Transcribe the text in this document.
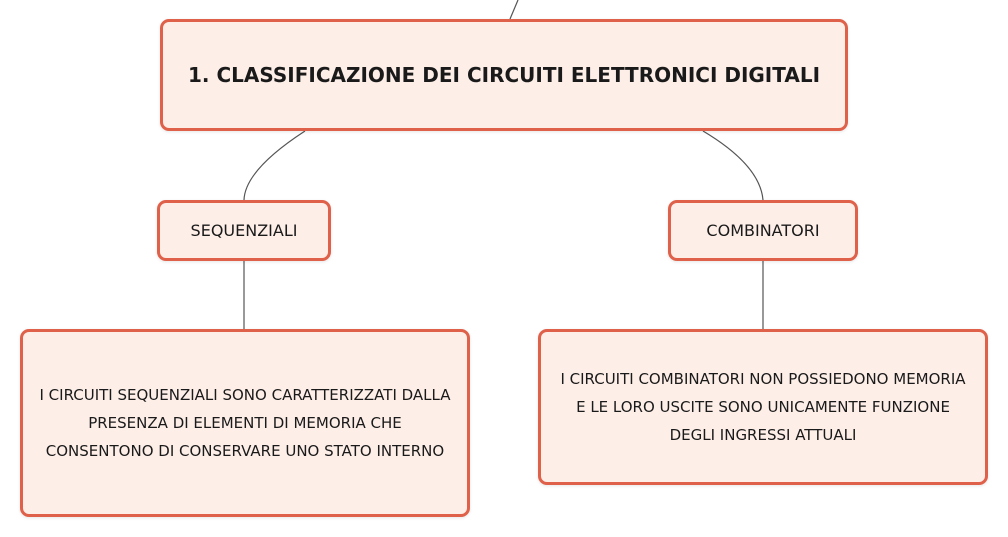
1. CLASSIFICAZIONE DEI CIRCUITI ELETTRONICI DIGITALI
SEQUENZIALI	COMBINATORI
I CIRCUITI SEQUENZIALI SONO CARATTERIZZATI DALLA PRESENZA DI ELEMENTI DI MEMORIA CHE CONSENTONO DI CONSERVARE UNO STATO INTERNO
I CIRCUITI COMBINATORI NON POSSIEDONO MEMORIA E LE LORO USCITE SONO UNICAMENTE FUNZIONE DEGLI INGRESSI ATTUALI
